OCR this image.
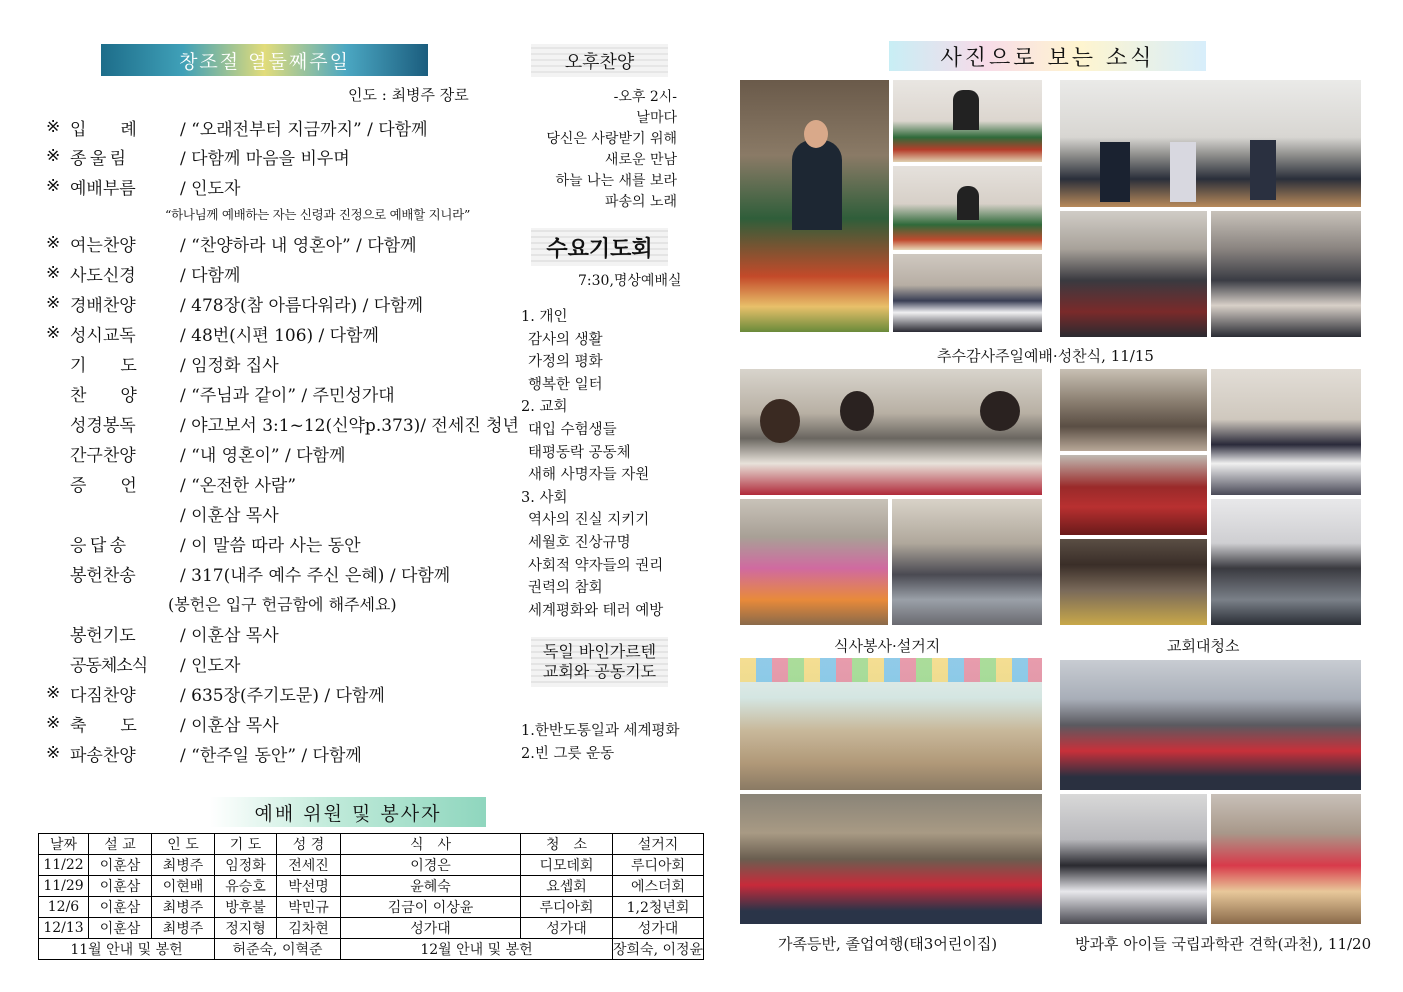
창조절 열둘째주일
인도 : 최병주 장로
※ 입　　례	/ “오래전부터 지금까지” / 다함께
※ 종 울 림	/ 다함께 마음을 비우며
※ 예배부름	/ 인도자
※ 여는찬양	/ “찬양하라 내 영혼아” / 다함께
※ 사도신경	/ 다함께
※ 경배찬양	/ 478장(참 아름다워라) / 다함께
※ 성시교독	/ 48번(시편 106) / 다함께
기　　도	/ 임정화 집사
찬　　양	/ “주님과 같이” / 주민성가대
성경봉독	/ 야고보서 3:1~12(신약p.373)/ 전세진 청년
간구찬양	/ “내 영혼이” / 다함께
증　　언	/ “온전한 사람”
/ 이훈삼 목사
응 답 송	/ 이 말씀 따라 사는 동안
봉헌찬송	/ 317(내주 예수 주신 은혜) / 다함께
봉헌기도	/ 이훈삼 목사
공동체소식	/ 인도자
※ 다짐찬양	/ 635장(주기도문) / 다함께
※ 축　　도	/ 이훈삼 목사
※ 파송찬양	/ “한주일 동안” / 다함께
“하나님께 예배하는 자는 신령과 진정으로 예배할 지니라”
(봉헌은 입구 헌금함에 해주세요)
오후찬양
-오후 2시-
날마다
당신은 사랑받기 위해
새로운 만남
하늘 나는 새를 보라
파송의 노래
수요기도회
7:30,명상예배실
1. 개인
감사의 생활
가정의 평화
행복한 일터
2. 교회
대입 수험생들
태평동락 공동체
새해 사명자들 자원
3. 사회
역사의 진실 지키기
세월호 진상규명
사회적 약자들의 권리
권력의 참회
세계평화와 테러 예방
독일 바인가르텐
교회와 공동기도
1.한반도통일과 세계평화
2.빈 그릇 운동
예배 위원 및 봉사자
날짜	설 교	인 도	기 도	성 경	식　사	청　소	설거지
11/22	이훈삼	최병주	임정화	전세진	이경은	디모데회	루디아회
11/29	이훈삼	이현배	유승호	박선명	윤혜숙	요셉회	에스더회
12/6	이훈삼	최병주	방후불	박민규	김금이 이상윤	루디아회	1,2청년회
12/13	이훈삼	최병주	정지형	김차현	성가대	성가대	성가대
11월 안내 및 봉헌			허준숙, 이혁준		12월 안내 및 봉헌		장희숙, 이정윤
사진으로 보는 소식
추수감사주일예배·성찬식, 11/15
식사봉사·설거지	교회대청소
가족등반, 졸업여행(태3어린이집)	방과후 아이들 국립과학관 견학(과천), 11/20
